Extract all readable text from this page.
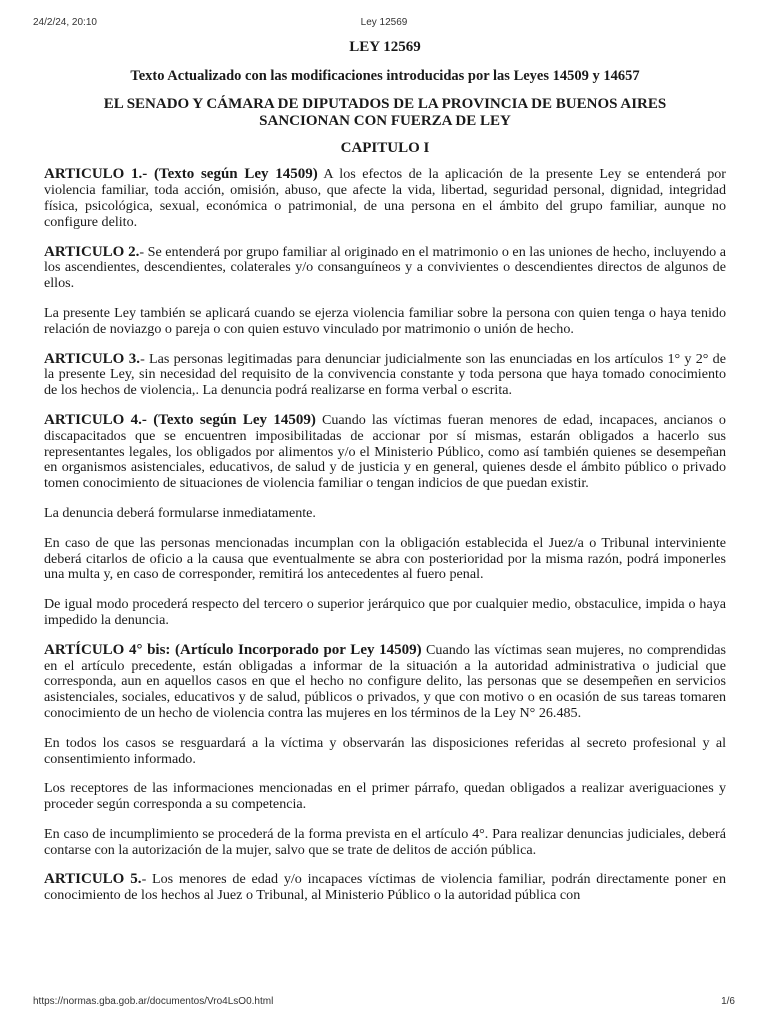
24/2/24, 20:10	Ley 12569

LEY 12569

Texto Actualizado con las modificaciones introducidas por las Leyes 14509 y 14657

EL SENADO Y CÁMARA DE DIPUTADOS DE LA PROVINCIA DE BUENOS AIRES
SANCIONAN CON FUERZA DE LEY

CAPITULO I

ARTICULO 1.- (Texto según Ley 14509) A los efectos de la aplicación de la presente Ley se entenderá por violencia familiar, toda acción, omisión, abuso, que afecte la vida, libertad, seguridad personal, dignidad, integridad física, psicológica, sexual, económica o patrimonial, de una persona en el ámbito del grupo familiar, aunque no configure delito.

ARTICULO 2.- Se entenderá por grupo familiar al originado en el matrimonio o en las uniones de hecho, incluyendo a los ascendientes, descendientes, colaterales y/o consanguíneos y a convivientes o descendientes directos de algunos de ellos.

La presente Ley también se aplicará cuando se ejerza violencia familiar sobre la persona con quien tenga o haya tenido relación de noviazgo o pareja o con quien estuvo vinculado por matrimonio o unión de hecho.

ARTICULO 3.- Las personas legitimadas para denunciar judicialmente son las enunciadas en los artículos 1° y 2° de la presente Ley, sin necesidad del requisito de la convivencia constante y toda persona que haya tomado conocimiento de los hechos de violencia,. La denuncia podrá realizarse en forma verbal o escrita.

ARTICULO 4.- (Texto según Ley 14509) Cuando las víctimas fueran menores de edad, incapaces, ancianos o discapacitados que se encuentren imposibilitadas de accionar por sí mismas, estarán obligados a hacerlo sus representantes legales, los obligados por alimentos y/o el Ministerio Público, como así también quienes se desempeñan en organismos asistenciales, educativos, de salud y de justicia y en general, quienes desde el ámbito público o privado tomen conocimiento de situaciones de violencia familiar o tengan indicios de que puedan existir.

La denuncia deberá formularse inmediatamente.

En caso de que las personas mencionadas incumplan con la obligación establecida el Juez/a o Tribunal interviniente deberá citarlos de oficio a la causa que eventualmente se abra con posterioridad por la misma razón, podrá imponerles una multa y, en caso de corresponder, remitirá los antecedentes al fuero penal.

De igual modo procederá respecto del tercero o superior jerárquico que por cualquier medio, obstaculice, impida o haya impedido la denuncia.

ARTÍCULO 4° bis: (Artículo Incorporado por Ley 14509) Cuando las víctimas sean mujeres, no comprendidas en el artículo precedente, están obligadas a informar de la situación a la autoridad administrativa o judicial que corresponda, aun en aquellos casos en que el hecho no configure delito, las personas que se desempeñen en servicios asistenciales, sociales, educativos y de salud, públicos o privados, y que con motivo o en ocasión de sus tareas tomaren conocimiento de un hecho de violencia contra las mujeres en los términos de la Ley N° 26.485.

En todos los casos se resguardará a la víctima y observarán las disposiciones referidas al secreto profesional y al consentimiento informado.

Los receptores de las informaciones mencionadas en el primer párrafo, quedan obligados a realizar averiguaciones y proceder según corresponda a su competencia.

En caso de incumplimiento se procederá de la forma prevista en el artículo 4°. Para realizar denuncias judiciales, deberá contarse con la autorización de la mujer, salvo que se trate de delitos de acción pública.

ARTICULO 5.- Los menores de edad y/o incapaces víctimas de violencia familiar, podrán directamente poner en conocimiento de los hechos al Juez o Tribunal, al Ministerio Público o la autoridad pública con

https://normas.gba.gob.ar/documentos/Vro4LsO0.html	1/6
